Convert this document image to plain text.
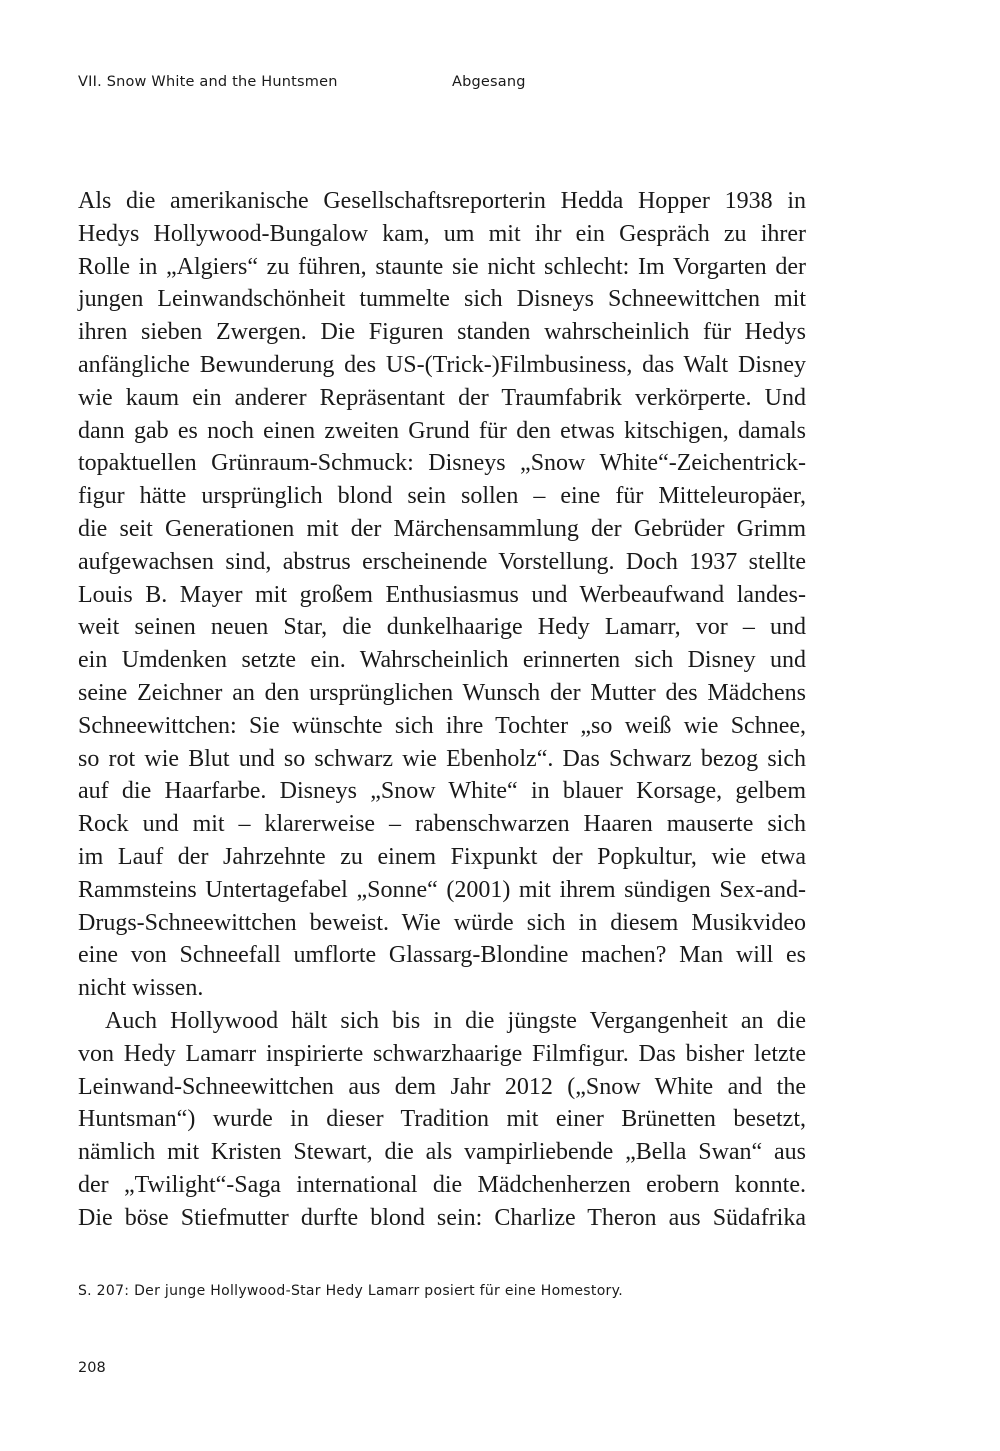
VII. Snow White and the Huntsmen	Abgesang

Als die amerikanische Gesellschaftsreporterin Hedda Hopper 1938 in
Hedys Hollywood-Bungalow kam, um mit ihr ein Gespräch zu ihrer
Rolle in „Algiers“ zu führen, staunte sie nicht schlecht: Im Vorgarten der
jungen Leinwandschönheit tummelte sich Disneys Schneewittchen mit
ihren sieben Zwergen. Die Figuren standen wahrscheinlich für Hedys
anfängliche Bewunderung des US-(Trick-)Filmbusiness, das Walt Disney
wie kaum ein anderer Repräsentant der Traumfabrik verkörperte. Und
dann gab es noch einen zweiten Grund für den etwas kitschigen, damals
topaktuellen Grünraum-Schmuck: Disneys „Snow White“-Zeichentrick-
figur hätte ursprünglich blond sein sollen – eine für Mitteleuropäer,
die seit Generationen mit der Märchensammlung der Gebrüder Grimm
aufgewachsen sind, abstrus erscheinende Vorstellung. Doch 1937 stellte
Louis B. Mayer mit großem Enthusiasmus und Werbeaufwand landes-
weit seinen neuen Star, die dunkelhaarige Hedy Lamarr, vor – und
ein Umdenken setzte ein. Wahrscheinlich erinnerten sich Disney und
seine Zeichner an den ursprünglichen Wunsch der Mutter des Mädchens
Schneewittchen: Sie wünschte sich ihre Tochter „so weiß wie Schnee,
so rot wie Blut und so schwarz wie Ebenholz“. Das Schwarz bezog sich
auf die Haarfarbe. Disneys „Snow White“ in blauer Korsage, gelbem
Rock und mit – klarerweise – rabenschwarzen Haaren mauserte sich
im Lauf der Jahrzehnte zu einem Fixpunkt der Popkultur, wie etwa
Rammsteins Untertagefabel „Sonne“ (2001) mit ihrem sündigen Sex-and-
Drugs-Schneewittchen beweist. Wie würde sich in diesem Musikvideo
eine von Schneefall umflorte Glassarg-Blondine machen? Man will es
nicht wissen.

Auch Hollywood hält sich bis in die jüngste Vergangenheit an die
von Hedy Lamarr inspirierte schwarzhaarige Filmfigur. Das bisher letzte
Leinwand-Schneewittchen aus dem Jahr 2012 („Snow White and the
Huntsman“) wurde in dieser Tradition mit einer Brünetten besetzt,
nämlich mit Kristen Stewart, die als vampirliebende „Bella Swan“ aus
der „Twilight“-Saga international die Mädchenherzen erobern konnte.
Die böse Stiefmutter durfte blond sein: Charlize Theron aus Südafrika

S. 207: Der junge Hollywood-Star Hedy Lamarr posiert für eine Homestory.
208
